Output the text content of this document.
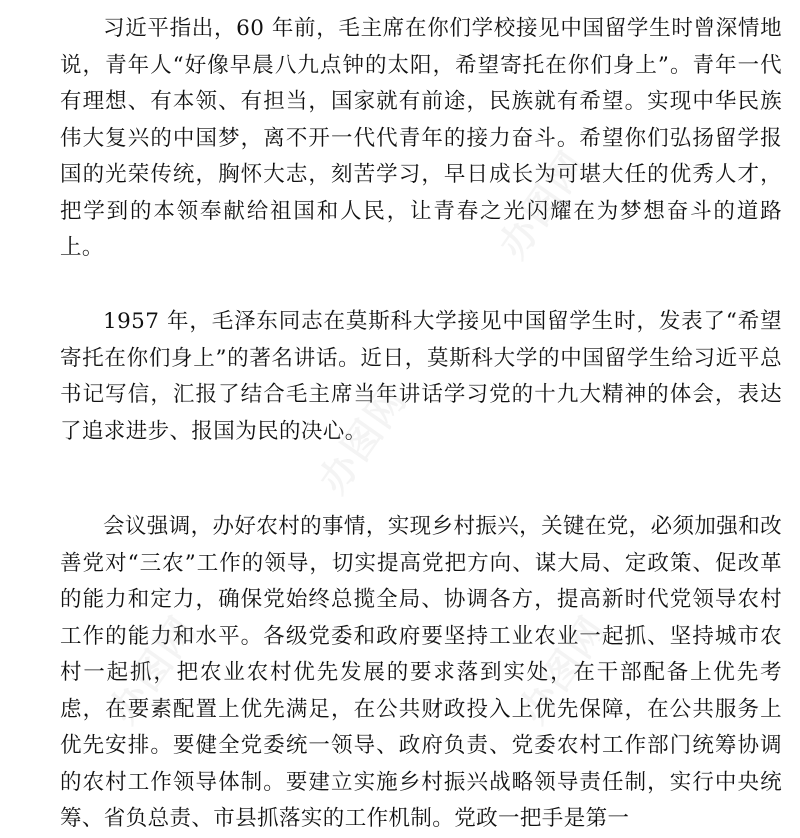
习近平指出，60 年前，毛主席在你们学校接见中国留学生时曾深情地说，青年人“好像早晨八九点钟的太阳，希望寄托在你们身上”。青年一代有理想、有本领、有担当，国家就有前途，民族就有希望。实现中华民族伟大复兴的中国梦，离不开一代代青年的接力奋斗。希望你们弘扬留学报国的光荣传统，胸怀大志，刻苦学习，早日成长为可堪大任的优秀人才，把学到的本领奉献给祖国和人民，让青春之光闪耀在为梦想奋斗的道路上。

1957 年，毛泽东同志在莫斯科大学接见中国留学生时，发表了“希望寄托在你们身上”的著名讲话。近日，莫斯科大学的中国留学生给习近平总书记写信，汇报了结合毛主席当年讲话学习党的十九大精神的体会，表达了追求进步、报国为民的决心。

会议强调，办好农村的事情，实现乡村振兴，关键在党，必须加强和改善党对“三农”工作的领导，切实提高党把方向、谋大局、定政策、促改革的能力和定力，确保党始终总揽全局、协调各方，提高新时代党领导农村工作的能力和水平。各级党委和政府要坚持工业农业一起抓、坚持城市农村一起抓，把农业农村优先发展的要求落到实处，在干部配备上优先考虑，在要素配置上优先满足，在公共财政投入上优先保障，在公共服务上优先安排。要健全党委统一领导、政府负责、党委农村工作部门统筹协调的农村工作领导体制。要建立实施乡村振兴战略领导责任制，实行中央统筹、省负总责、市县抓落实的工作机制。党政一把手是第一

办图网
办图网
办图网	办图网
